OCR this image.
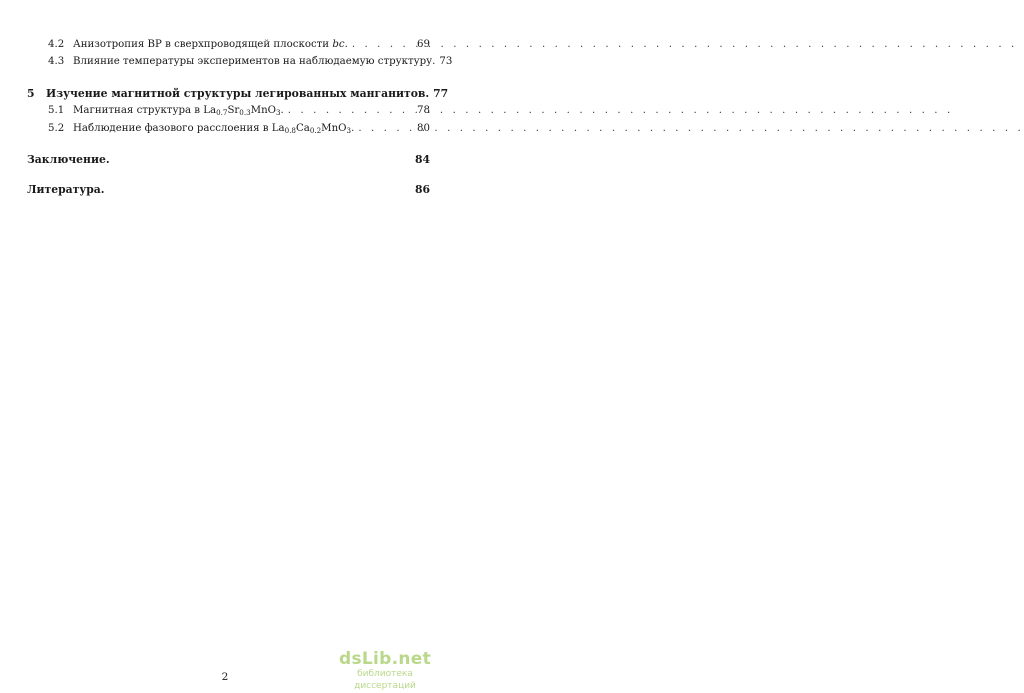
4.2 Анизотропия ВР в сверхпроводящей плоскости bc. . . .	69
4.3 Влияние температуры экспериментов на наблюдаемую структуру. 73
5	Изучение магнитной структуры легированных манганитов. 77
5.1 Магнитная структура в $La_{0.7}Sr_{0.3}MnO_3$. . . .	78
5.2 Наблюдение фазового расслоения в $La_{0.8}Ca_{0.2}MnO_3$. . . .	80
Заключение.	84
Литература.	86
2
dsLib.net
библиотека диссертаций
